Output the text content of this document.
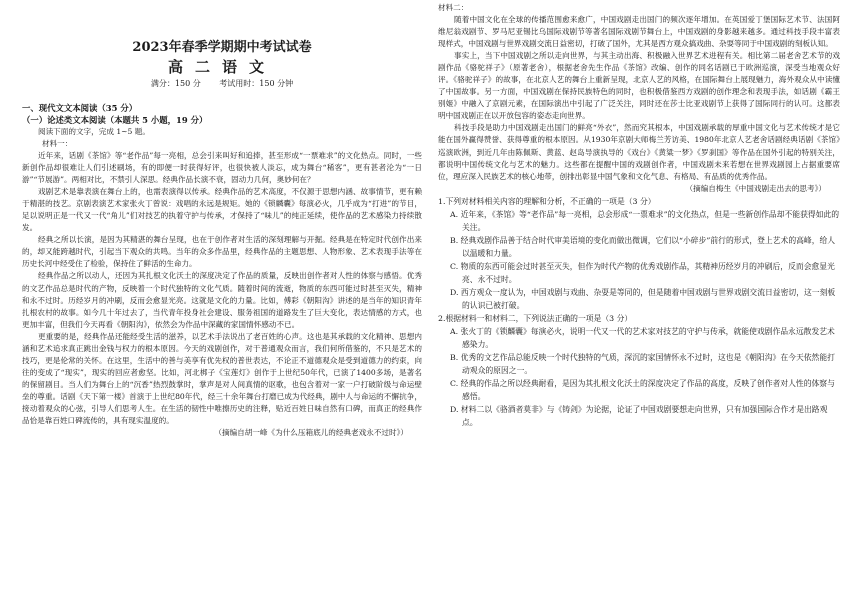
2023年春季学期期中考试试卷
高二语文
满分：150 分 考试用时：150 分钟
一、现代文文本阅读（35 分）
（一）论述类文本阅读（本题共 5 小题，19 分）
阅读下面的文字，完成 1~5 题。
材料一：
近年来，话剧《茶馆》等“老作品”每一亮相，总会引来叫好和追捧，甚至形成“一票难求”的文化热点。同时，一些新创作品却很难让人们引述刷场，有的即便一时获得好评，也很快被人淡忘，成为舞台“稀客”，更有甚者沦为“一日游”“节展游”。两相对比，不禁引人深思。经典作品长演不衰，固动力几何，奥妙何在？
戏剧艺术是靠表演在舞台上的，也需表演得以传承。经典作品的艺术高度，不仅源于思想内涵、故事情节，更有赖于精湛的技艺。京剧表演艺术家张火丁曾说：戏唱的永远是规矩。她的《锁麟囊》每演必火，几乎成为“打进”的节目，足以说明正是一代又一代“角儿”们对技艺的执着守护与传承，才保持了“味儿”的纯正延续，使作品的艺术感染力持续散发。
经典之所以长演，是因为其精湛的舞台呈现，也在于创作者对生活的深刻理解与开掘。经典是在特定时代创作出来的，却又能跨越时代，引起当下观众的共鸣。当年的众多作品里，经典作品的主题思想、人物形象、艺术表现手法等在历史长河中经受住了检验，保持住了鲜活的生命力。
经典作品之所以动人，还因为其扎根文化沃土的深度决定了作品的质量，反映出创作者对人性的体察与感悟。优秀的文艺作品总是时代的产物，反映着一个时代独特的文化气质。随着时间的流逝，物质的东西可能过时甚至灭失，精神和永不过时。历经岁月的冲刷，反而会愈显光亮。这就是文化的力量。比如，傅彩《朝阳沟》讲述的是当年的知识青年扎根农村的故事。如今几十年过去了，当代青年投身社会建设、服务祖国的道路发生了巨大变化，表达情感的方式，也更加丰富，但我们今天再看《朝阳沟》，依然会为作品中深藏的家国情怀感动不已。
更重要的是，经典作品还能经受生活的滋养，以艺术手法说出了老百姓的心声。这也是其承载的文化精神、思想内涵和艺术追求真正跳出金钱与权力的根本原因。今天的戏剧创作，对于普通观众而言，我们何所借鉴的，不只是艺术的技巧，更是伦常的关怀。在这里，生活中的善与美享有优先权的普世表达，不论正不道德观众是受到道德力的约束，向往的变成了“现实”，现实的回应者愈坚。比如，河北梆子《宝莲灯》创作于上世纪50年代，已演了1400多场，是著名的保留剧目。当人们为舞台上的“沉香”热烈鼓掌时，掌声是对人间真情的讴歌，也包含着对一家一户打破阶级与命运壁垒的尊重。话剧《天下第一楼》首演于上世纪80年代，经三十余年舞台打磨已成为代经典，剧中人与命运的不懈抗争，接动着观众的心弦，引导人们思考人生。在生活的韧性中唯擦历史的注释，贴近百姓日味自然有口碑，而真正的经典作品恰是靠百姓口碑流传的，具有现实温度的。
（摘编自胡一峰《为什么压箱底儿的经典老戏永不过时》）
材料二：
随着中国文化在全球的传播范围愈来愈广，中国戏剧走出国门的频次逐年增加。在英国爱丁堡国际艺术节、法国阿维尼翁戏剧节、罗马尼亚锡比乌国际戏剧节等著名国际戏剧节舞台上，中国戏剧的身影越来越多。通过科技手段丰富表现样式，中国戏剧与世界戏剧交流日益密切，打破了国外，尤其是西方观众搞戏曲、杂耍等同于中国戏剧的刻板认知。
事实上，当下中国戏剧之所以走向世界，与其主动出海、积极融入世界艺术进程有关。相比第二届老舍艺术节的戏剧作品《骆驼祥子》（原著老舍），根据老舍先生作品《茶馆》改编、创作的同名话剧已于欧洲巡演，深受当地观众好评。《骆驼祥子》的故事，在北京人艺的舞台上重新呈现，北京人艺的风格，在国际舞台上展现魅力，海外观众从中读懂了中国故事。另一方面，中国戏剧在保持民族特色的同时，也积极借鉴西方戏剧的创作理念和表现手法，如话剧《霸王别姬》中融入了京剧元素，在国际演出中引起了广泛关注，同时还在莎士比亚戏剧节上获得了国际同行的认可。这都表明中国戏剧正在以开放包容的姿态走向世界。
科技手段是助力中国戏剧走出国门的鲜亮“外衣”，然而究其根本，中国戏剧承载的厚重中国文化与艺术传统才是它能在国外赢得赞誉、获得尊重的根本原因。从1930年京剧大师梅兰芳访美、1980年北京人艺老舍话剧经典话剧《茶馆》巡演欧洲，到近几年由陈佩斯、黄蓝、赵岛导演执导的《戏台》《黄粱一梦》《罗刹国》等作品在国外引起的特别关注，都说明中国传统文化与艺术的魅力。这些都在提醒中国的戏剧创作者，中国戏剧未来若想在世界戏剧园上占据重要席位，理应深入民族艺术的核心地带，创排出彰显中国气象和文化气息、有格局、有品质的优秀作品。
（摘编自梅生《中国戏剧走出去的思考》）
1.下列对材料相关内容的理解和分析，不正确的一项是（3 分）
A. 近年来，《茶馆》等“老作品”每一亮相，总会形成“一票难求”的文化热点，但是一些新创作品却不能获得如此的关注。
B. 经典戏剧作品善于结合时代审美语境的变化而做出微调，它们以“小碎步”前行的形式，登上艺术的高峰，给人以温暖和力量。
C. 物质的东西可能会过时甚至灭失，但作为时代产物的优秀戏剧作品，其精神历经岁月的冲刷后，反而会愈显光亮、永不过时。
D. 西方观众一度认为，中国戏剧与戏曲、杂耍是等同的，但是随着中国戏剧与世界戏剧交流日益密切，这一刻板的认识已被打破。
2.根据材料一和材料二，下列说法正确的一项是（3 分）
A. 张火丁的《锁麟囊》每演必火，说明一代又一代的艺术家对技艺的守护与传承，就能使戏剧作品永远散发艺术感染力。
B. 优秀的文艺作品总能反映一个时代独特的气质，深沉的家国情怀永不过时，这也是《朝阳沟》在今天依然能打动观众的原因之一。
C. 经典的作品之所以经典耐看，是因为其扎根文化沃土的深度决定了作品的高度，反映了创作者对人性的体察与感悟。
D. 材料二以《骆酒者莫非》与《铸剑》为论据，论证了中国戏剧要想走向世界，只有加强国际合作才是出路观点。
